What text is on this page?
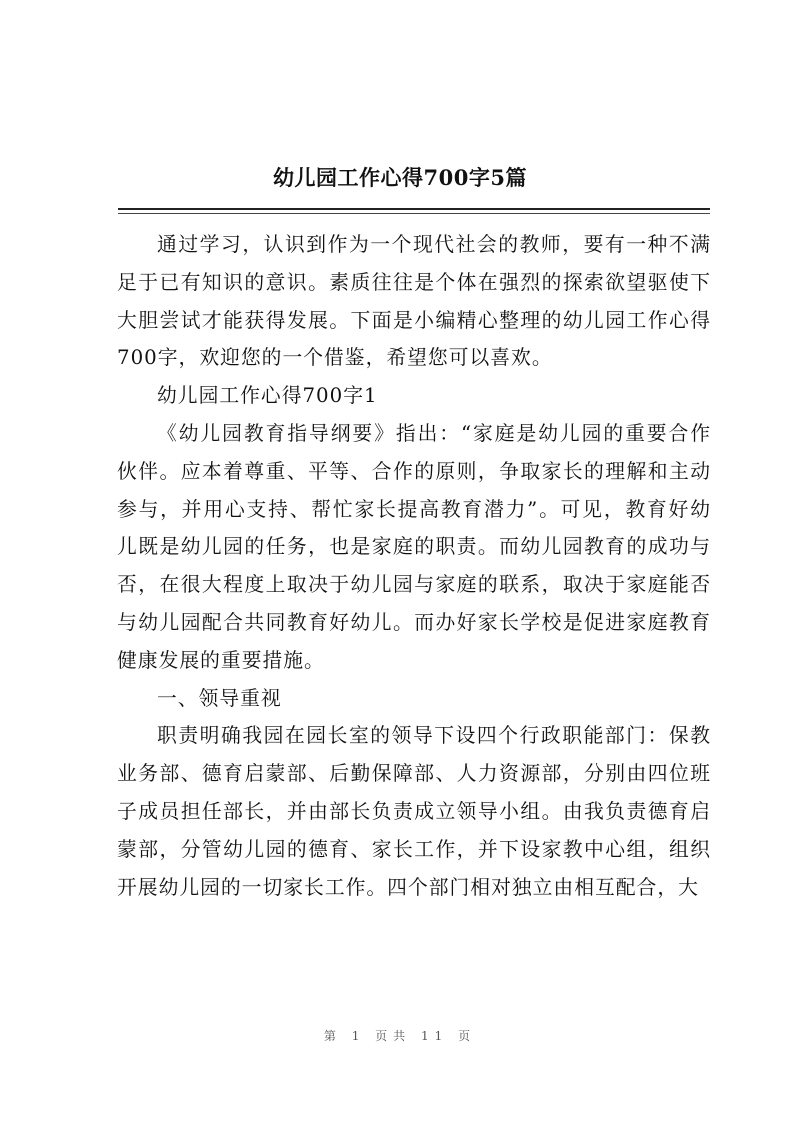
幼儿园工作心得700字5篇

通过学习，认识到作为一个现代社会的教师，要有一种不满
足于已有知识的意识。素质往往是个体在强烈的探索欲望驱使下
大胆尝试才能获得发展。下面是小编精心整理的幼儿园工作心得
700字，欢迎您的一个借鉴，希望您可以喜欢。

幼儿园工作心得700字1

《幼儿园教育指导纲要》指出：“家庭是幼儿园的重要合作
伙伴。应本着尊重、平等、合作的原则，争取家长的理解和主动
参与，并用心支持、帮忙家长提高教育潜力”。可见，教育好幼
儿既是幼儿园的任务，也是家庭的职责。而幼儿园教育的成功与
否，在很大程度上取决于幼儿园与家庭的联系，取决于家庭能否
与幼儿园配合共同教育好幼儿。而办好家长学校是促进家庭教育
健康发展的重要措施。

一、领导重视

职责明确我园在园长室的领导下设四个行政职能部门：保教
业务部、德育启蒙部、后勤保障部、人力资源部，分别由四位班
子成员担任部长，并由部长负责成立领导小组。由我负责德育启
蒙部，分管幼儿园的德育、家长工作，并下设家教中心组，组织
开展幼儿园的一切家长工作。四个部门相对独立由相互配合，大

第 1 页共 11 页
